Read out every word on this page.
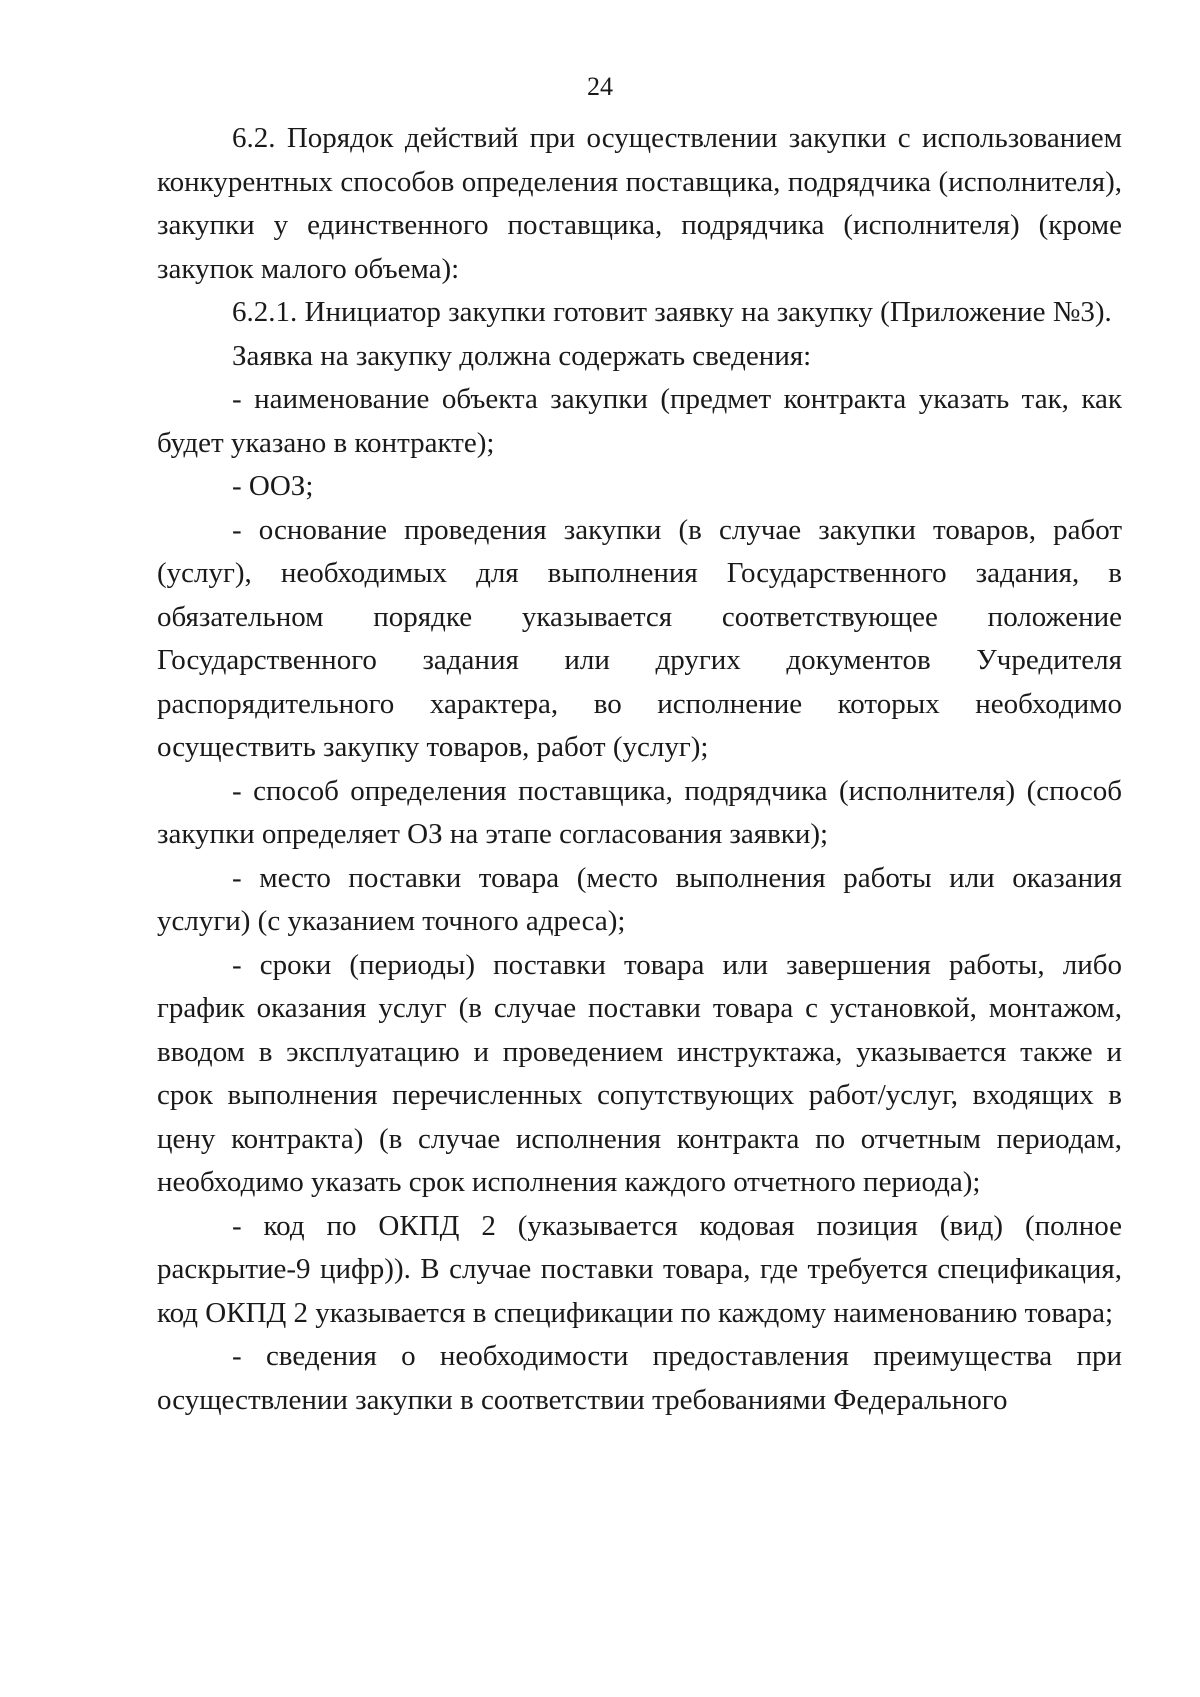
24

6.2. Порядок действий при осуществлении закупки с использованием конкурентных способов определения поставщика, подрядчика (исполнителя), закупки у единственного поставщика, подрядчика (исполнителя) (кроме закупок малого объема):

6.2.1. Инициатор закупки готовит заявку на закупку (Приложение №3).

Заявка на закупку должна содержать сведения:

- наименование объекта закупки (предмет контракта указать так, как будет указано в контракте);

- ООЗ;

- основание проведения закупки (в случае закупки товаров, работ (услуг), необходимых для выполнения Государственного задания, в обязательном порядке указывается соответствующее положение Государственного задания или других документов Учредителя распорядительного характера, во исполнение которых необходимо осуществить закупку товаров, работ (услуг);

- способ определения поставщика, подрядчика (исполнителя) (способ закупки определяет ОЗ на этапе согласования заявки);

- место поставки товара (место выполнения работы или оказания услуги) (с указанием точного адреса);

- сроки (периоды) поставки товара или завершения работы, либо график оказания услуг (в случае поставки товара с установкой, монтажом, вводом в эксплуатацию и проведением инструктажа, указывается также и срок выполнения перечисленных сопутствующих работ/услуг, входящих в цену контракта) (в случае исполнения контракта по отчетным периодам, необходимо указать срок исполнения каждого отчетного периода);

- код по ОКПД 2 (указывается кодовая позиция (вид) (полное раскрытие-9 цифр)). В случае поставки товара, где требуется спецификация, код ОКПД 2 указывается в спецификации по каждому наименованию товара;

- сведения о необходимости предоставления преимущества при осуществлении закупки в соответствии требованиями Федерального
